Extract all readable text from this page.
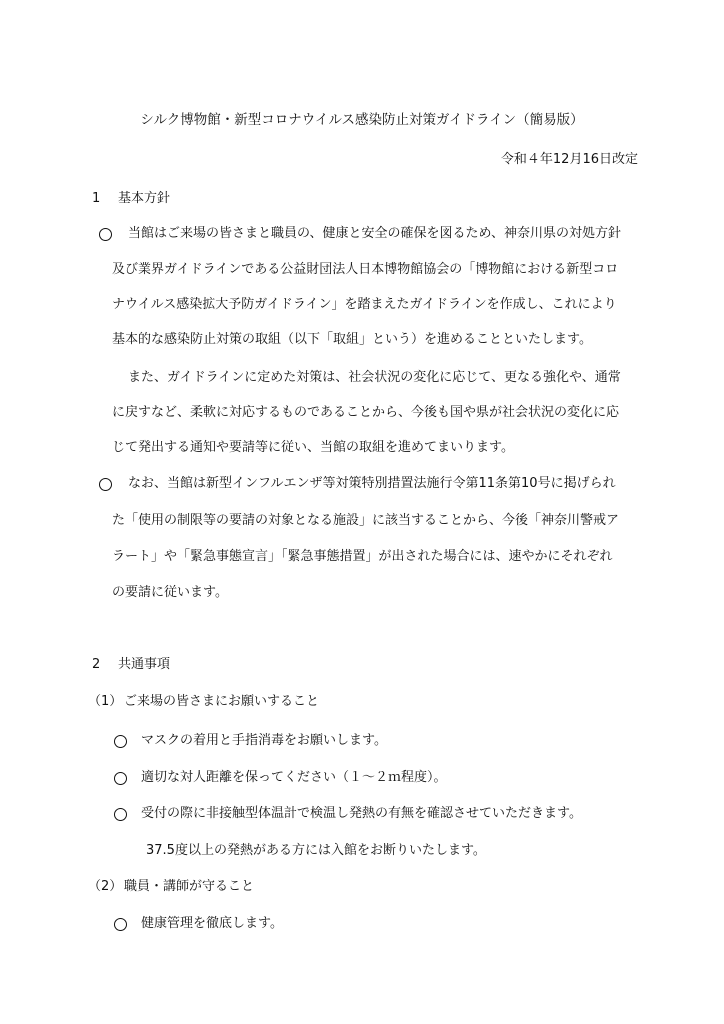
シルク博物館・新型コロナウイルス感染防止対策ガイドライン（簡易版）
令和４年12月16日改定
1 基本方針
当館はご来場の皆さまと職員の、健康と安全の確保を図るため、神奈川県の対処方針
及び業界ガイドラインである公益財団法人日本博物館協会の「博物館における新型コロ
ナウイルス感染拡大予防ガイドライン」を踏まえたガイドラインを作成し、これにより
基本的な感染防止対策の取組（以下「取組」という）を進めることといたします。
また、ガイドラインに定めた対策は、社会状況の変化に応じて、更なる強化や、通常
に戻すなど、柔軟に対応するものであることから、今後も国や県が社会状況の変化に応
じて発出する通知や要請等に従い、当館の取組を進めてまいります。
なお、当館は新型インフルエンザ等対策特別措置法施行令第11条第10号に掲げられ
た「使用の制限等の要請の対象となる施設」に該当することから、今後「神奈川警戒ア
ラート」や「緊急事態宣言」「緊急事態措置」が出された場合には、速やかにそれぞれ
の要請に従います。
2 共通事項
（1） ご来場の皆さまにお願いすること
マスクの着用と手指消毒をお願いします。
適切な対人距離を保ってください（１～２ｍ程度）。
受付の際に非接触型体温計で検温し発熱の有無を確認させていただきます。
37.5度以上の発熱がある方には入館をお断りいたします。
（2） 職員・講師が守ること
健康管理を徹底します。
